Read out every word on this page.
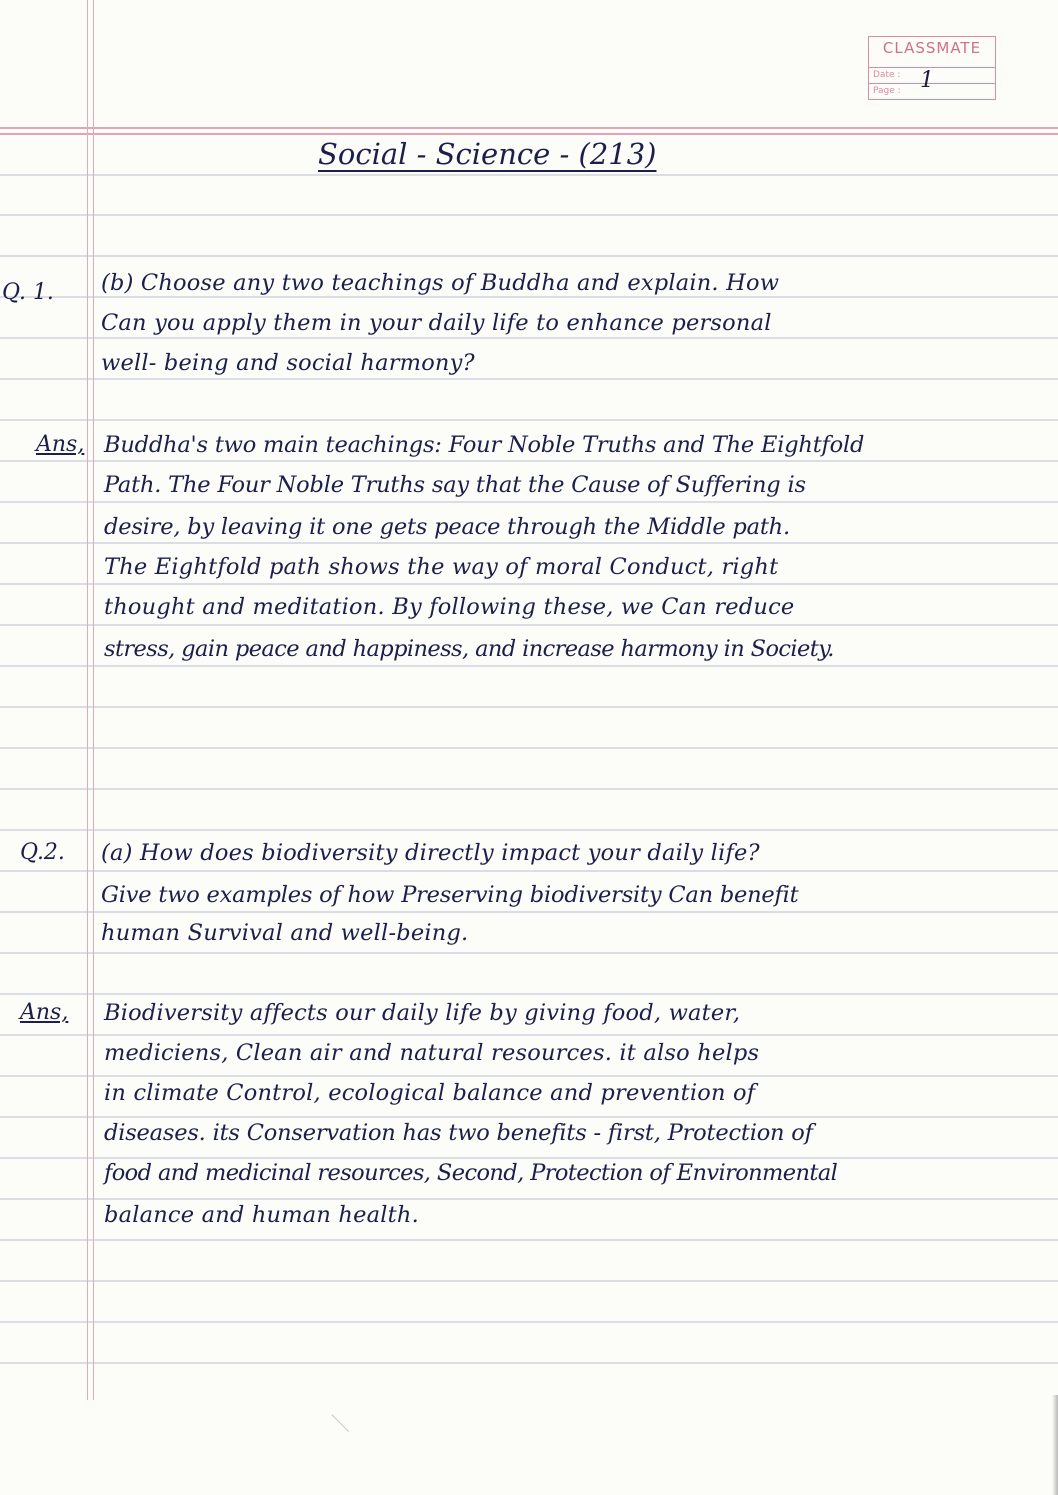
CLASSMATE
Date :
Page : 1
Social - Science - (213)
Q. 1. (b) Choose any two teachings of Buddha and explain. How
Can you apply them in your daily life to enhance personal
well- being and social harmony?
Ans, Buddha's two main teachings: Four Noble Truths and The Eightfold
Path. The Four Noble Truths say that the Cause of Suffering is
desire, by leaving it one gets peace through the Middle path.
The Eightfold path shows the way of moral Conduct, right
thought and meditation. By following these, we Can reduce
stress, gain peace and happiness, and increase harmony in Society.
Q.2. (a) How does biodiversity directly impact your daily life?
Give two examples of how Preserving biodiversity Can benefit
human Survival and well-being.
Ans, Biodiversity affects our daily life by giving food, water,
mediciens, Clean air and natural resources. it also helps
in climate Control, ecological balance and prevention of
diseases. its Conservation has two benefits - first, Protection of
food and medicinal resources, Second, Protection of Environmental
balance and human health.
